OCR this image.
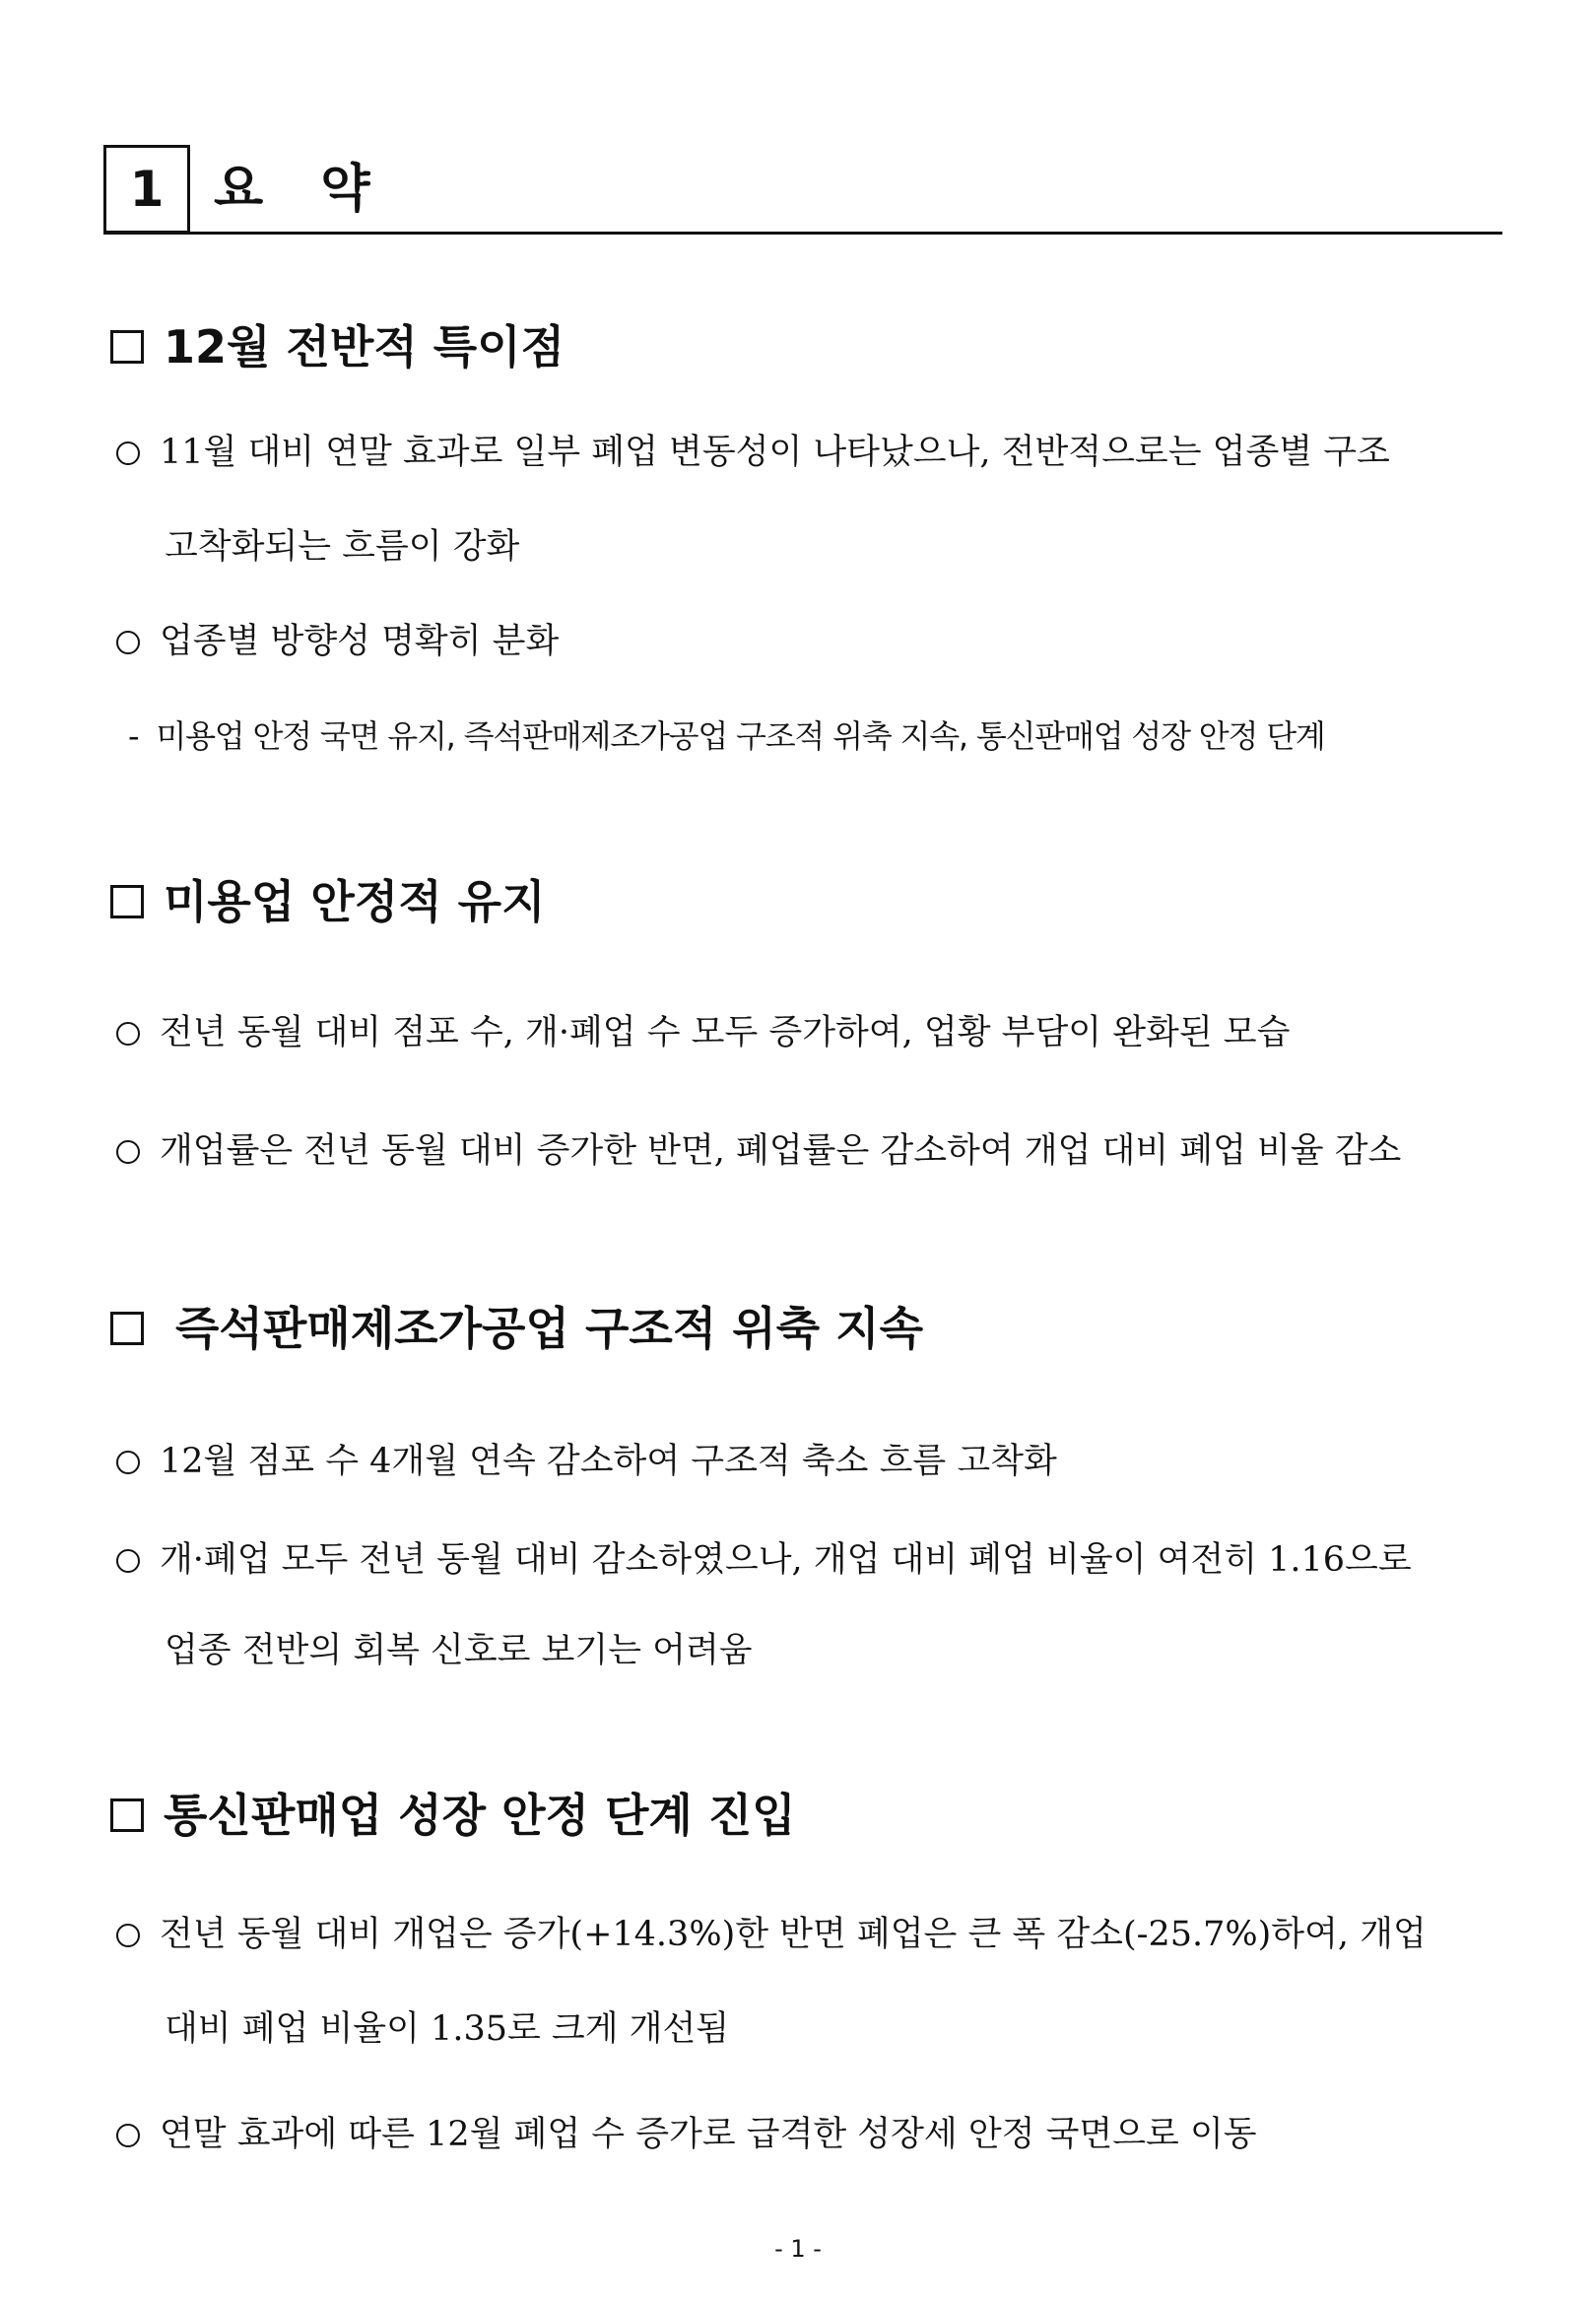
1 요 약
12월 전반적 특이점
11월 대비 연말 효과로 일부 폐업 변동성이 나타났으나, 전반적으로는 업종별 구조
고착화되는 흐름이 강화
업종별 방향성 명확히 분화
- 미용업 안정 국면 유지, 즉석판매제조가공업 구조적 위축 지속, 통신판매업 성장 안정 단계
미용업 안정적 유지
전년 동월 대비 점포 수, 개·폐업 수 모두 증가하여, 업황 부담이 완화된 모습
개업률은 전년 동월 대비 증가한 반면, 폐업률은 감소하여 개업 대비 폐업 비율 감소
즉석판매제조가공업 구조적 위축 지속
12월 점포 수 4개월 연속 감소하여 구조적 축소 흐름 고착화
개·폐업 모두 전년 동월 대비 감소하였으나, 개업 대비 폐업 비율이 여전히 1.16으로
업종 전반의 회복 신호로 보기는 어려움
통신판매업 성장 안정 단계 진입
전년 동월 대비 개업은 증가(+14.3%)한 반면 폐업은 큰 폭 감소(-25.7%)하여, 개업
대비 폐업 비율이 1.35로 크게 개선됨
연말 효과에 따른 12월 폐업 수 증가로 급격한 성장세 안정 국면으로 이동
- 1 -
